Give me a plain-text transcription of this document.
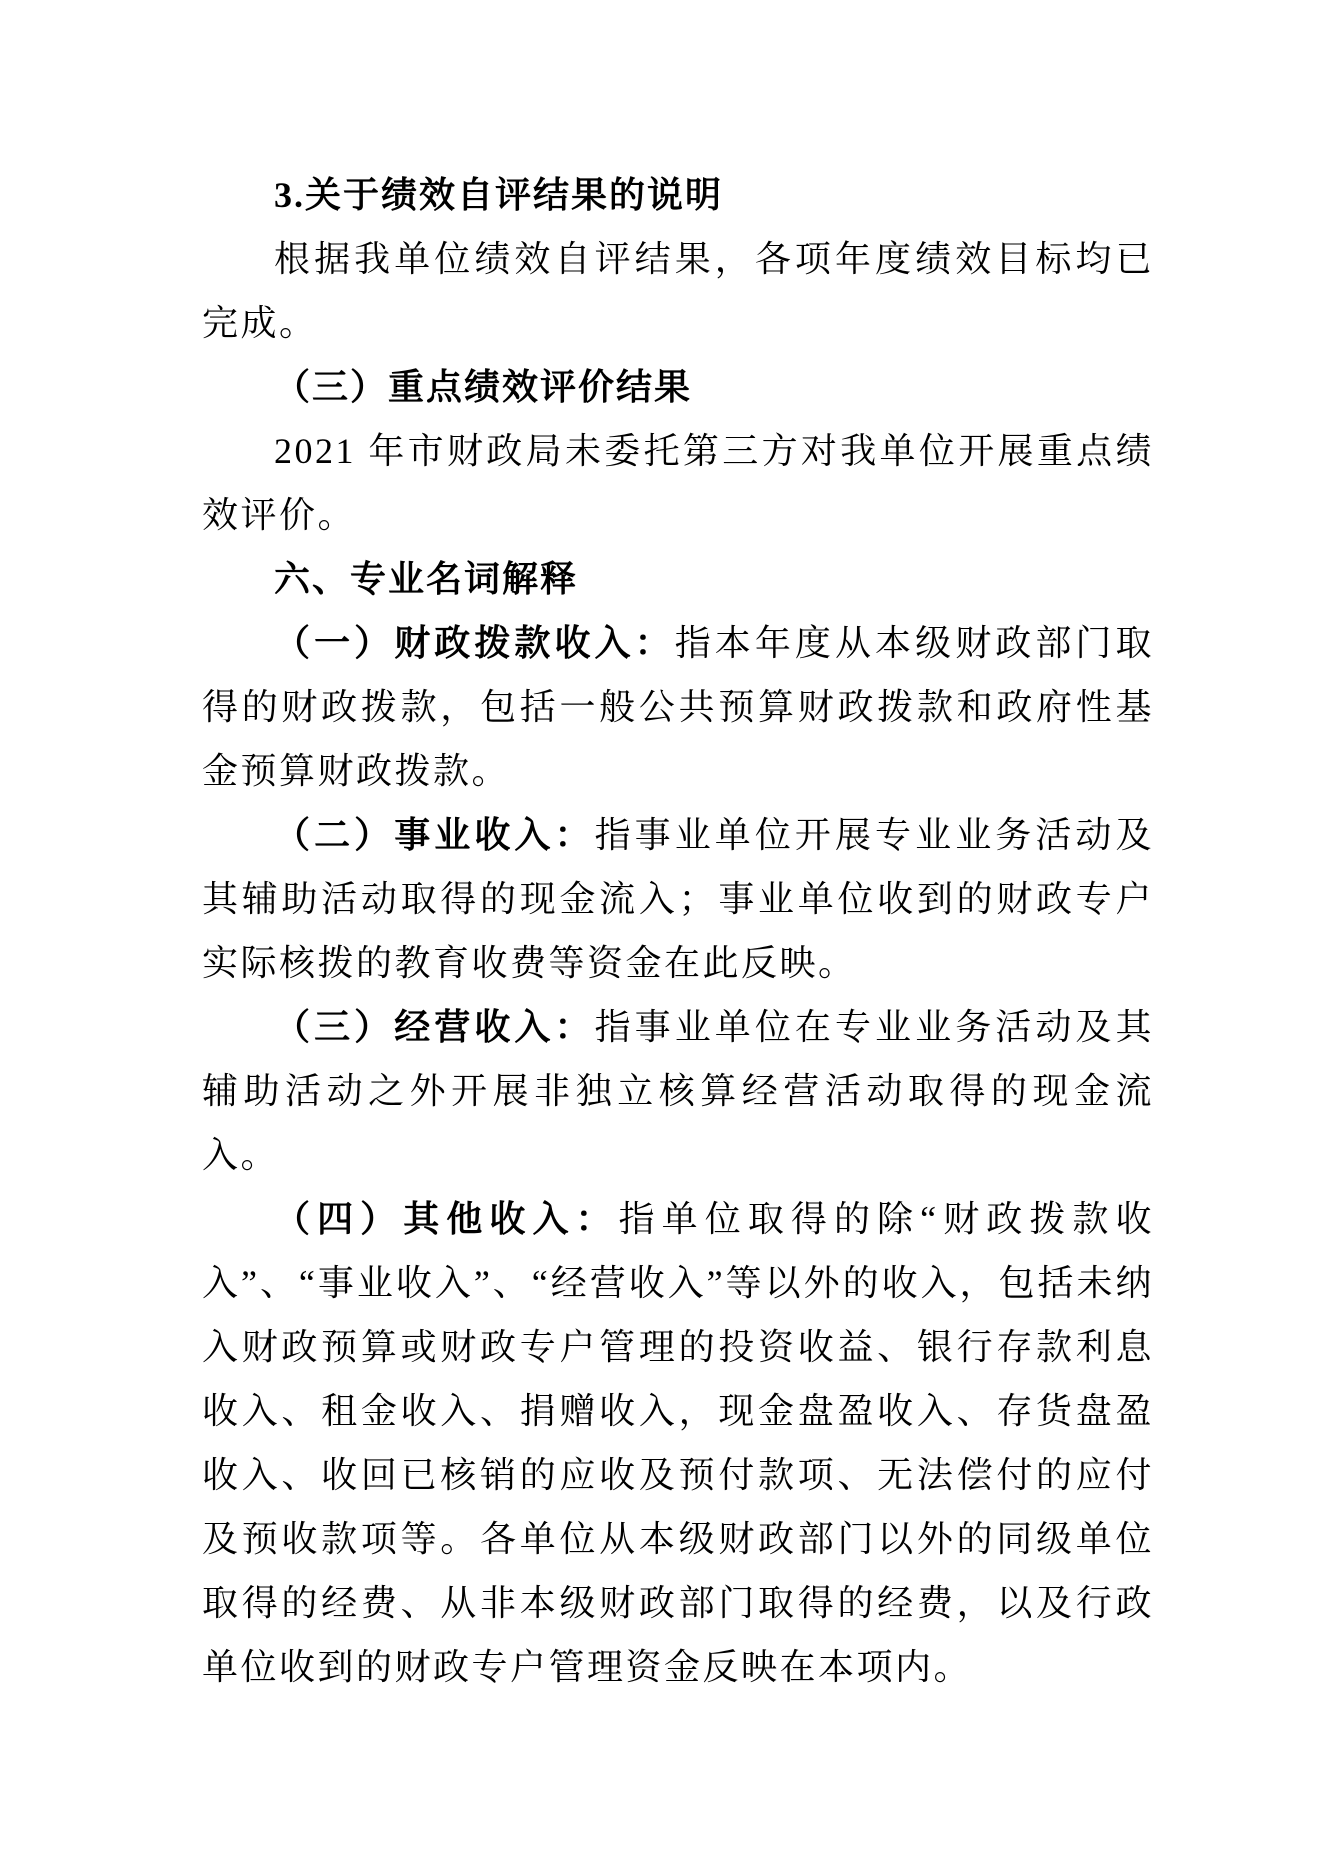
3.关于绩效自评结果的说明

根据我单位绩效自评结果，各项年度绩效目标均已完成。

（三）重点绩效评价结果

2021 年市财政局未委托第三方对我单位开展重点绩效评价。

六、专业名词解释

（一）财政拨款收入：指本年度从本级财政部门取得的财政拨款，包括一般公共预算财政拨款和政府性基金预算财政拨款。

（二）事业收入：指事业单位开展专业业务活动及其辅助活动取得的现金流入；事业单位收到的财政专户实际核拨的教育收费等资金在此反映。

（三）经营收入：指事业单位在专业业务活动及其辅助活动之外开展非独立核算经营活动取得的现金流入。

（四）其他收入：指单位取得的除“财政拨款收入”、“事业收入”、“经营收入”等以外的收入，包括未纳入财政预算或财政专户管理的投资收益、银行存款利息收入、租金收入、捐赠收入，现金盘盈收入、存货盘盈收入、收回已核销的应收及预付款项、无法偿付的应付及预收款项等。各单位从本级财政部门以外的同级单位取得的经费、从非本级财政部门取得的经费，以及行政单位收到的财政专户管理资金反映在本项内。
